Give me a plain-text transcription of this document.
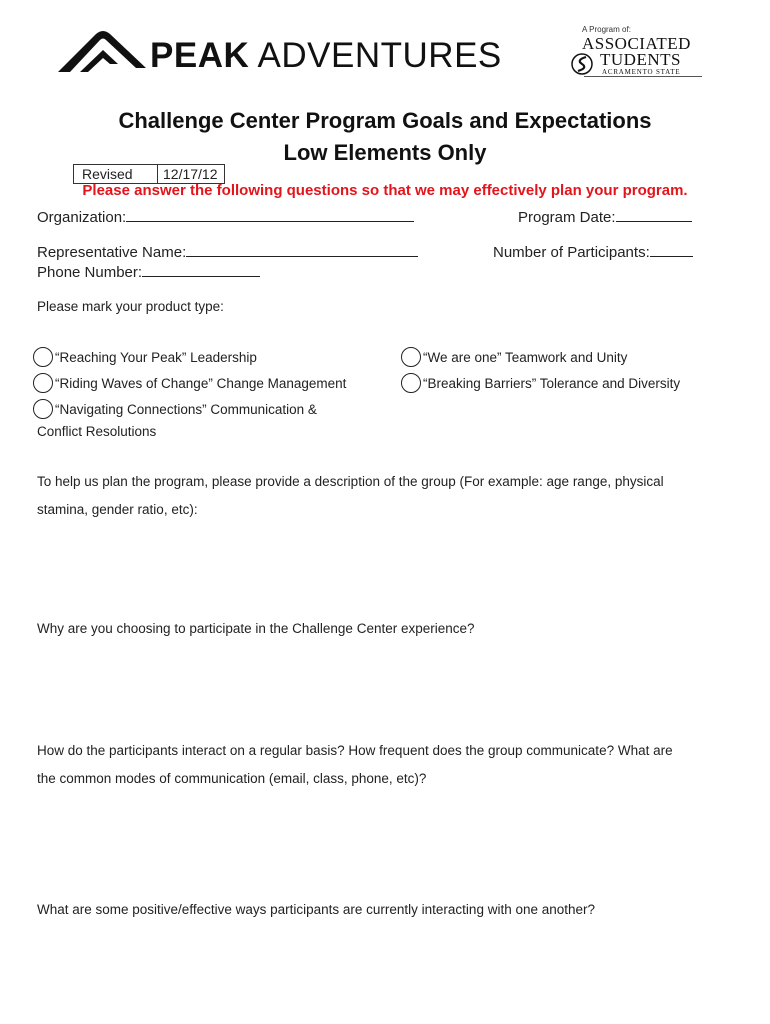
PEAK ADVENTURES
A Program of:
ASSOCIATED
TUDENTS
ACRAMENTO STATE
Challenge Center Program Goals and Expectations
Low Elements Only
Revised	12/17/12
Please answer the following questions so that we may effectively plan your program.
Organization:	Program Date:
Representative Name:	Number of Participants:
Phone Number:
Please mark your product type:
“Reaching Your Peak” Leadership	“We are one” Teamwork and Unity
“Riding Waves of Change” Change Management	“Breaking Barriers” Tolerance and Diversity
“Navigating Connections” Communication &
Conflict Resolutions
To help us plan the program, please provide a description of the group (For example: age range, physical
stamina, gender ratio, etc):
Why are you choosing to participate in the Challenge Center experience?
How do the participants interact on a regular basis? How frequent does the group communicate? What are
the common modes of communication (email, class, phone, etc)?
What are some positive/effective ways participants are currently interacting with one another?
